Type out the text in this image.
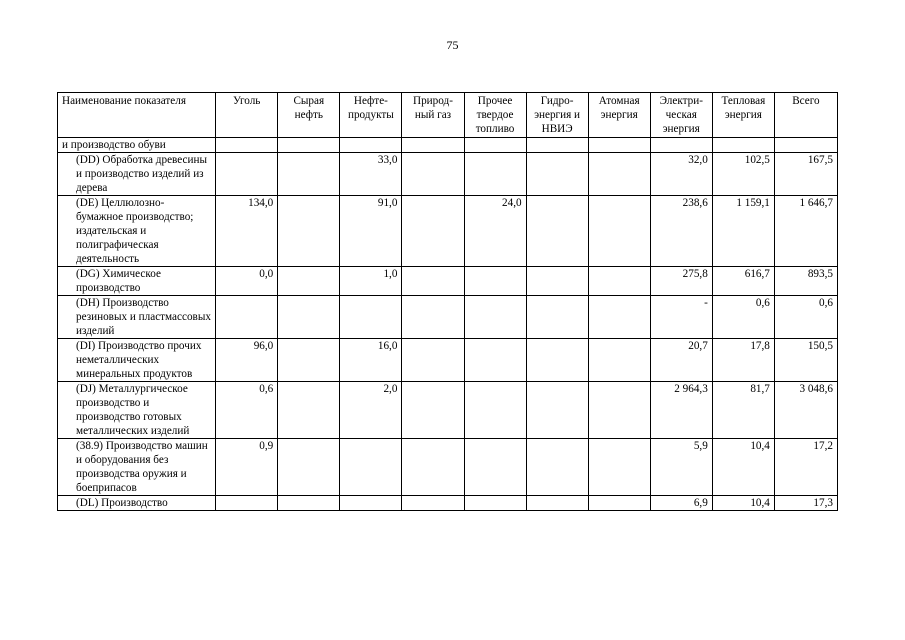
75
Наименование показателя	Уголь	Сырая нефть	Нефте-продукты	Природ-ный газ	Прочее твердое топливо	Гидро-энергия и НВИЭ	Атомная энергия	Электри-ческая энергия	Тепловая энергия	Всего
и производство обуви										
(DD) Обработка древесины и производство изделий из дерева			33,0					32,0	102,5	167,5
(DE) Целлюлозно-бумажное производство; издательская и полиграфическая деятельность	134,0		91,0		24,0			238,6	1 159,1	1 646,7
(DG) Химическое производство	0,0		1,0					275,8	616,7	893,5
(DH) Производство резиновых и пластмассовых изделий								-	0,6	0,6
(DI) Производство прочих неметаллических минеральных продуктов	96,0		16,0					20,7	17,8	150,5
(DJ) Металлургическое производство и производство готовых металлических изделий	0,6		2,0					2 964,3	81,7	3 048,6
(38.9) Производство машин и оборудования без производства оружия и боеприпасов	0,9							5,9	10,4	17,2
(DL) Производство								6,9	10,4	17,3
